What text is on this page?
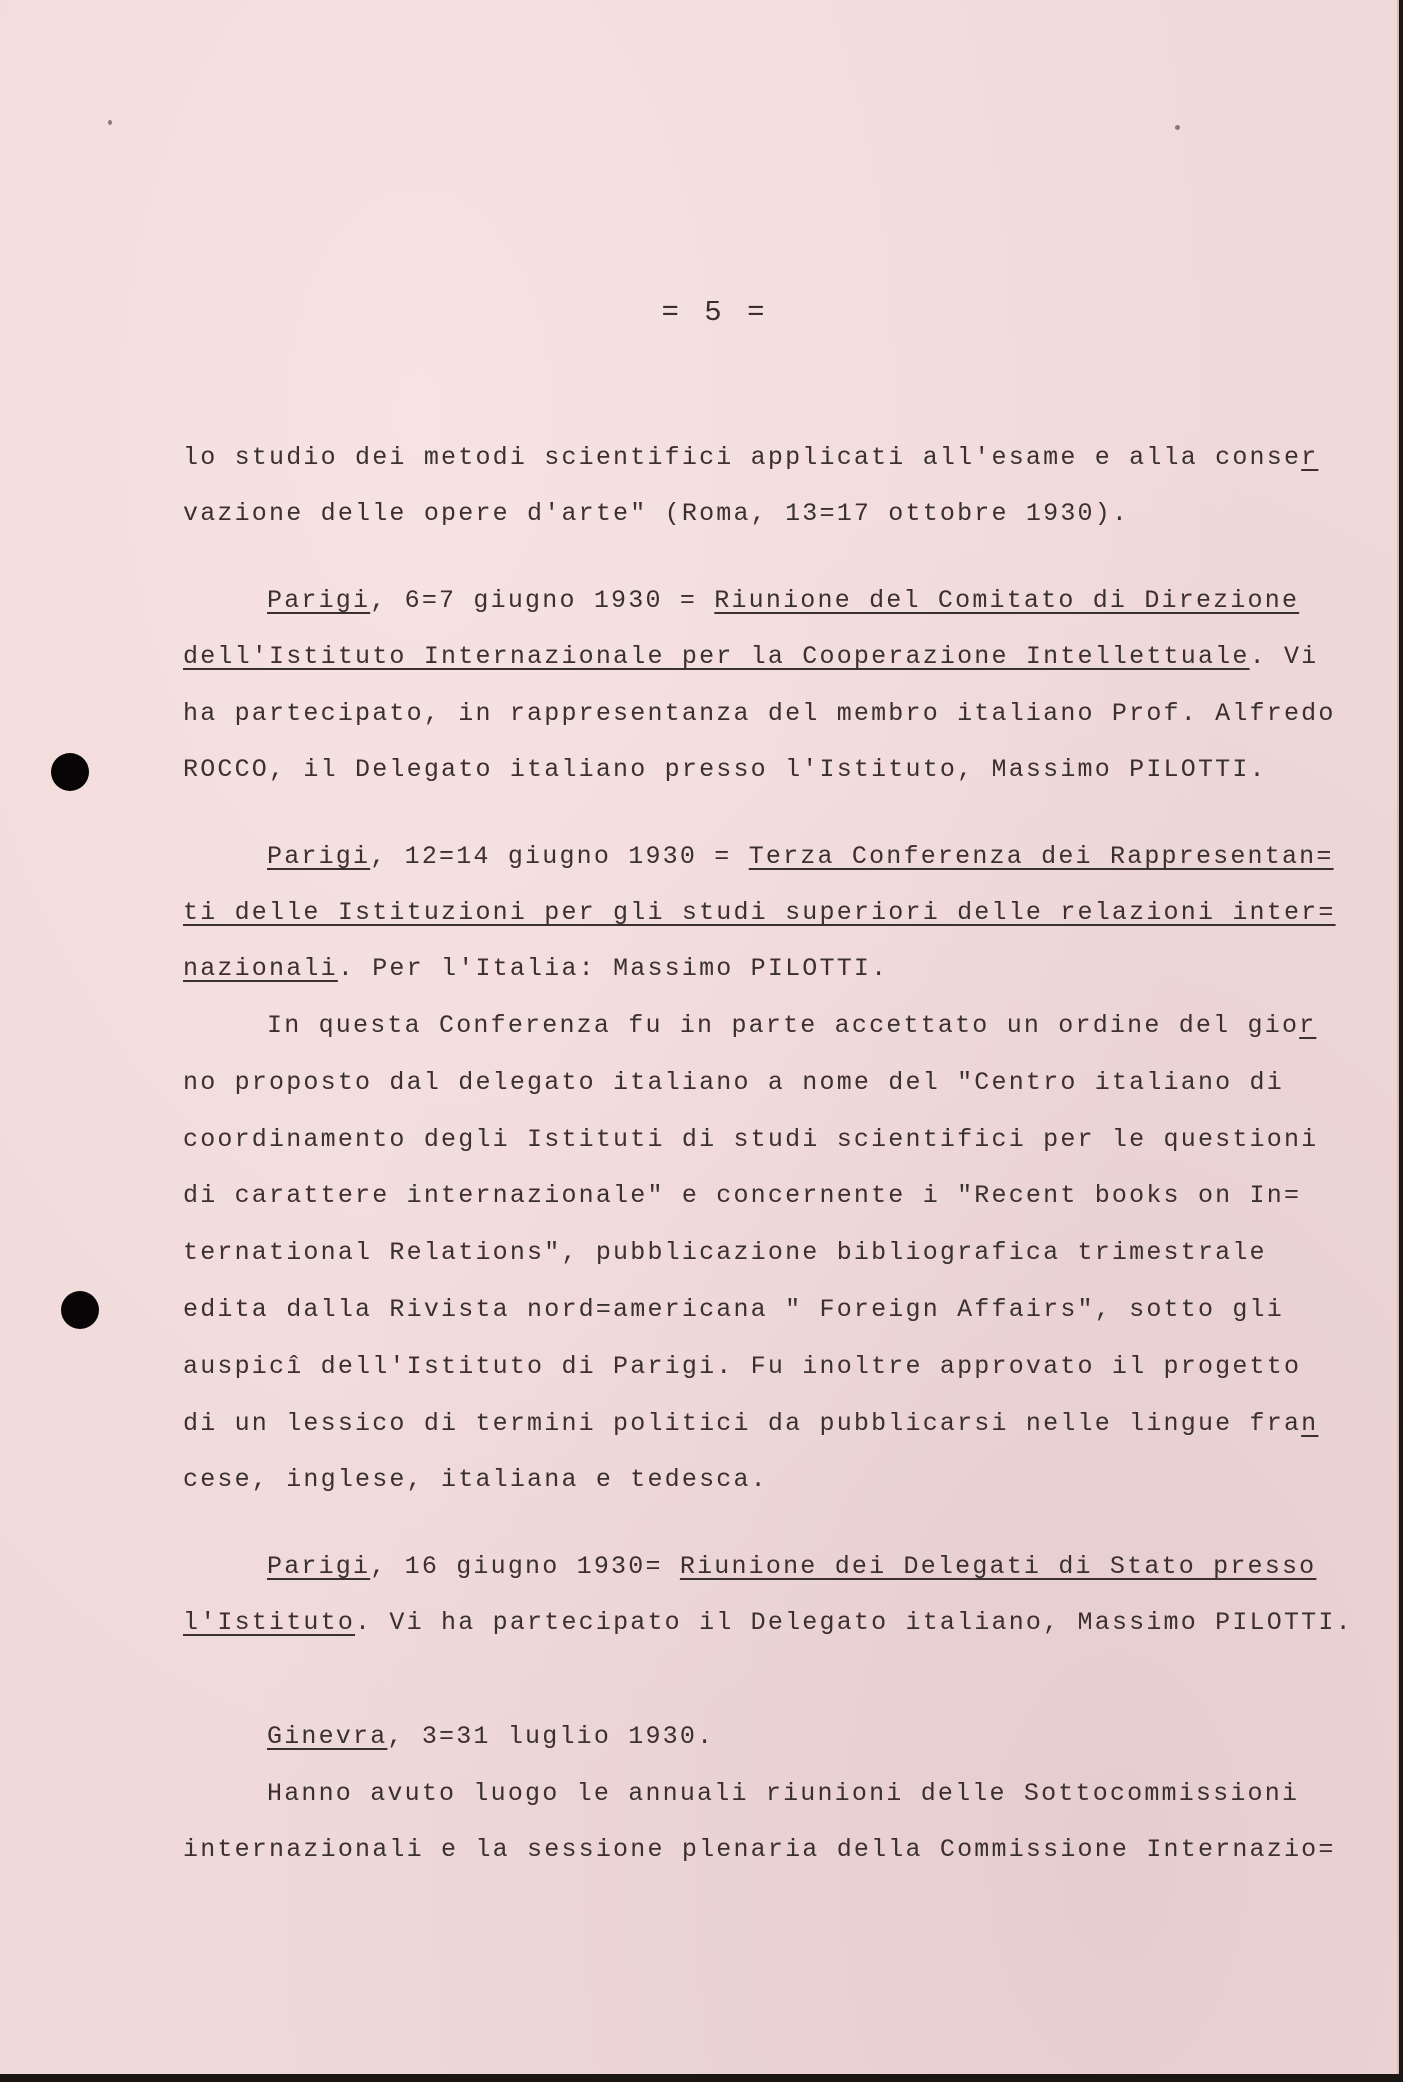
= 5 =
lo studio dei metodi scientifici applicati all'esame e alla conser
vazione delle opere d'arte" (Roma, 13=17 ottobre 1930).
Parigi, 6=7 giugno 1930 = Riunione del Comitato di Direzione
dell'Istituto Internazionale per la Cooperazione Intellettuale. Vi
ha partecipato, in rappresentanza del membro italiano Prof. Alfredo
ROCCO, il Delegato italiano presso l'Istituto, Massimo PILOTTI.
Parigi, 12=14 giugno 1930 = Terza Conferenza dei Rappresentan=
ti delle Istituzioni per gli studi superiori delle relazioni inter=
nazionali. Per l'Italia: Massimo PILOTTI.
In questa Conferenza fu in parte accettato un ordine del gior
no proposto dal delegato italiano a nome del "Centro italiano di
coordinamento degli Istituti di studi scientifici per le questioni
di carattere internazionale" e concernente i "Recent books on In=
ternational Relations", pubblicazione bibliografica trimestrale
edita dalla Rivista nord=americana " Foreign Affairs", sotto gli
auspicî dell'Istituto di Parigi. Fu inoltre approvato il progetto
di un lessico di termini politici da pubblicarsi nelle lingue fran
cese, inglese, italiana e tedesca.
Parigi, 16 giugno 1930= Riunione dei Delegati di Stato presso
l'Istituto. Vi ha partecipato il Delegato italiano, Massimo PILOTTI.
Ginevra, 3=31 luglio 1930.
Hanno avuto luogo le annuali riunioni delle Sottocommissioni
internazionali e la sessione plenaria della Commissione Internazio=
